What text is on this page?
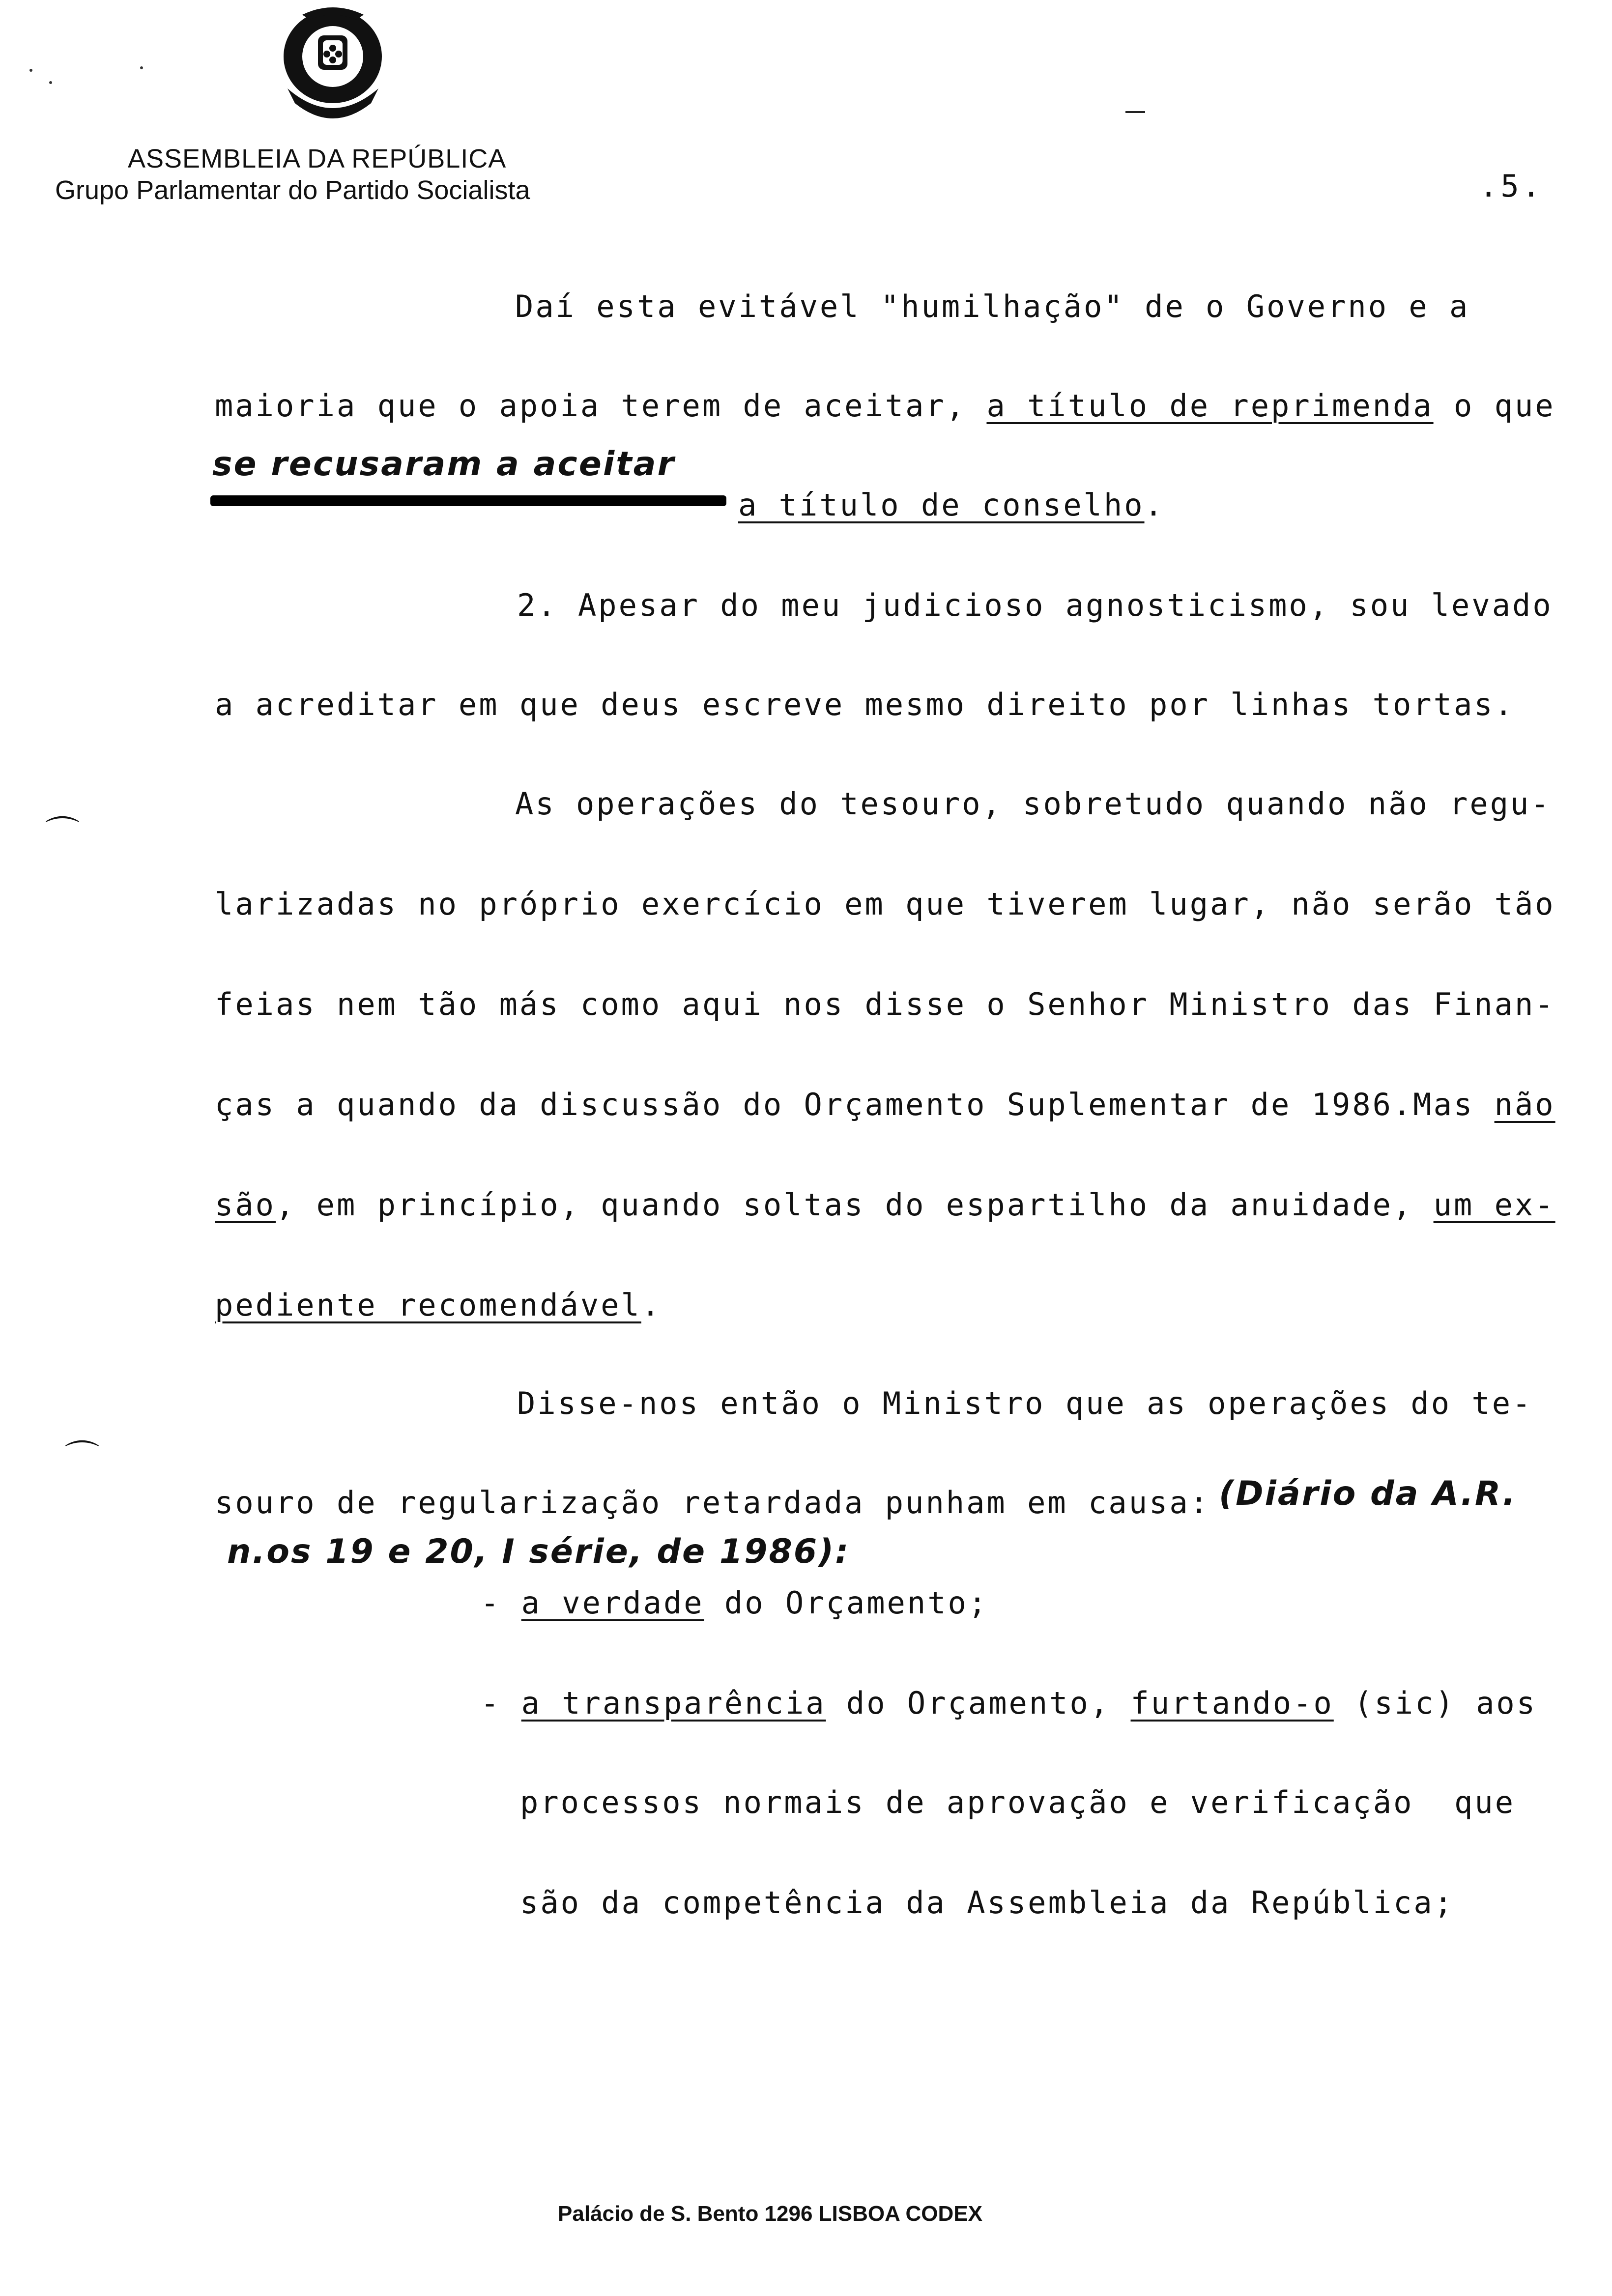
ASSEMBLEIA DA REPÚBLICA
Grupo Parlamentar do Partido Socialista	.5.
Daí esta evitável "humilhação" de o Governo e a
maioria que o apoia terem de aceitar, a título de reprimenda o que
se recusaram a aceitar
a título de conselho.
2. Apesar do meu judicioso agnosticismo, sou levado
a acreditar em que deus escreve mesmo direito por linhas tortas.
As operações do tesouro, sobretudo quando não regu-
larizadas no próprio exercício em que tiverem lugar, não serão tão
feias nem tão más como aqui nos disse o Senhor Ministro das Finan-
ças a quando da discussão do Orçamento Suplementar de 1986.Mas não
são, em princípio, quando soltas do espartilho da anuidade, um ex-
pediente recomendável.
Disse-nos então o Ministro que as operações do te-
souro de regularização retardada punham em causa: (Diário da A.R.
n.os 19 e 20, I série, de 1986):
- a verdade do Orçamento;
- a transparência do Orçamento, furtando-o (sic) aos
processos normais de aprovação e verificação  que
são da competência da Assembleia da República;
⌒
⌒
Palácio de S. Bento 1296 LISBOA CODEX
